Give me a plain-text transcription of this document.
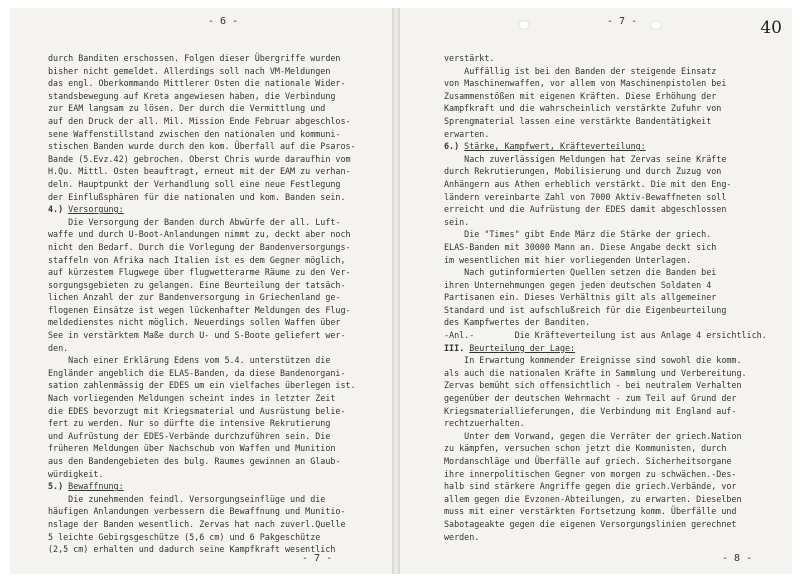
- 6 -
durch Banditen erschossen. Folgen dieser Übergriffe wurden
bisher nicht gemeldet. Allerdings soll nach VM-Meldungen
das engl. Oberkommando Mittlerer Osten die nationale Wider-
standsbewegung auf Kreta angewiesen haben, die Verbindung
zur EAM langsam zu lösen. Der durch die Vermittlung und
auf den Druck der all. Mil. Mission Ende Februar abgeschlos-
sene Waffenstillstand zwischen den nationalen und kommuni-
stischen Banden wurde durch den kom. Überfall auf die Psaros-
Bande (5.Evz.42) gebrochen. Oberst Chris wurde daraufhin vom
H.Qu. Mittl. Osten beauftragt, erneut mit der EAM zu verhan-
deln. Hauptpunkt der Verhandlung soll eine neue Festlegung
der Einflußsphären für die nationalen und kom. Banden sein.
4.) Versorgung:
Die Versorgung der Banden durch Abwürfe der all. Luft-
waffe und durch U-Boot-Anlandungen nimmt zu, deckt aber noch
nicht den Bedarf. Durch die Vorlegung der Bandenversorgungs-
staffeln von Afrika nach Italien ist es dem Gegner möglich,
auf kürzestem Flugwege über flugwetterarme Räume zu den Ver-
sorgungsgebieten zu gelangen. Eine Beurteilung der tatsäch-
lichen Anzahl der zur Bandenversorgung in Griechenland ge-
flogenen Einsätze ist wegen lückenhafter Meldungen des Flug-
meldedienstes nicht möglich. Neuerdings sollen Waffen über
See in verstärktem Maße durch U- und S-Boote geliefert wer-
den.
Nach einer Erklärung Edens vom 5.4. unterstützen die
Engländer angeblich die ELAS-Banden, da diese Bandenorgani-
sation zahlenmässig der EDES um ein vielfaches überlegen ist.
Nach vorliegenden Meldungen scheint indes in letzter Zeit
die EDES bevorzugt mit Kriegsmaterial und Ausrüstung belie-
fert zu werden. Nur so dürfte die intensive Rekrutierung
und Aufrüstung der EDES-Verbände durchzuführen sein. Die
früheren Meldungen über Nachschub von Waffen und Munition
aus den Bandengebieten des bulg. Raumes gewinnen an Glaub-
würdigkeit.
5.) Bewaffnung:
Die zunehmenden feindl. Versorgungseinflüge und die
häufigen Anlandungen verbessern die Bewaffnung und Munitio-
nslage der Banden wesentlich. Zervas hat nach zuverl.Quelle
5 leichte Gebirgsgeschütze (5,6 cm) und 6 Pakgeschütze
(2,5 cm) erhalten und dadurch seine Kampfkraft wesentlich
- 7 -
- 7 -	40
verstärkt.
Auffällig ist bei den Banden der steigende Einsatz
von Maschinenwaffen, vor allem von Maschinenpistolen bei
Zusammenstößen mit eigenen Kräften. Diese Erhöhung der
Kampfkraft und die wahrscheinlich verstärkte Zufuhr von
Sprengmaterial lassen eine verstärkte Bandentätigkeit
erwarten.
6.) Stärke, Kampfwert, Kräfteverteilung:
Nach zuverlässigen Meldungen hat Zervas seine Kräfte
durch Rekrutierungen, Mobilisierung und durch Zuzug von
Anhängern aus Athen erheblich verstärkt. Die mit den Eng-
ländern vereinbarte Zahl von 7000 Aktiv-Bewaffneten soll
erreicht und die Aufrüstung der EDES damit abgeschlossen
sein.
Die "Times" gibt Ende März die Stärke der griech.
ELAS-Banden mit 30000 Mann an. Diese Angabe deckt sich
im wesentlichen mit hier vorliegenden Unterlagen.
Nach gutinformierten Quellen setzen die Banden bei
ihren Unternehmungen gegen jeden deutschen Soldaten 4
Partisanen ein. Dieses Verhältnis gilt als allgemeiner
Standard und ist aufschlußreich für die Eigenbeurteilung
des Kampfwertes der Banditen.
-Anl.-        Die Kräfteverteilung ist aus Anlage 4 ersichtlich.
III. Beurteilung der Lage:
In Erwartung kommender Ereignisse sind sowohl die komm.
als auch die nationalen Kräfte in Sammlung und Verbereitung.
Zervas bemüht sich offensichtlich - bei neutralem Verhalten
gegenüber der deutschen Wehrmacht - zum Teil auf Grund der
Kriegsmateriallieferungen, die Verbindung mit England auf-
rechtzuerhalten.
Unter dem Vorwand, gegen die Verräter der griech.Nation
zu kämpfen, versuchen schon jetzt die Kommunisten, durch
Mordanschläge und Überfälle auf griech. Sicherheitsorgane
ihre innerpolitischen Gegner von morgen zu schwächen.-Des-
halb sind stärkere Angriffe gegen die griech.Verbände, vor
allem gegen die Evzonen-Abteilungen, zu erwarten. Dieselben
muss mit einer verstärkten Fortsetzung komm. Überfälle und
Sabotageakte gegen die eigenen Versorgungslinien gerechnet
werden.
- 8 -
